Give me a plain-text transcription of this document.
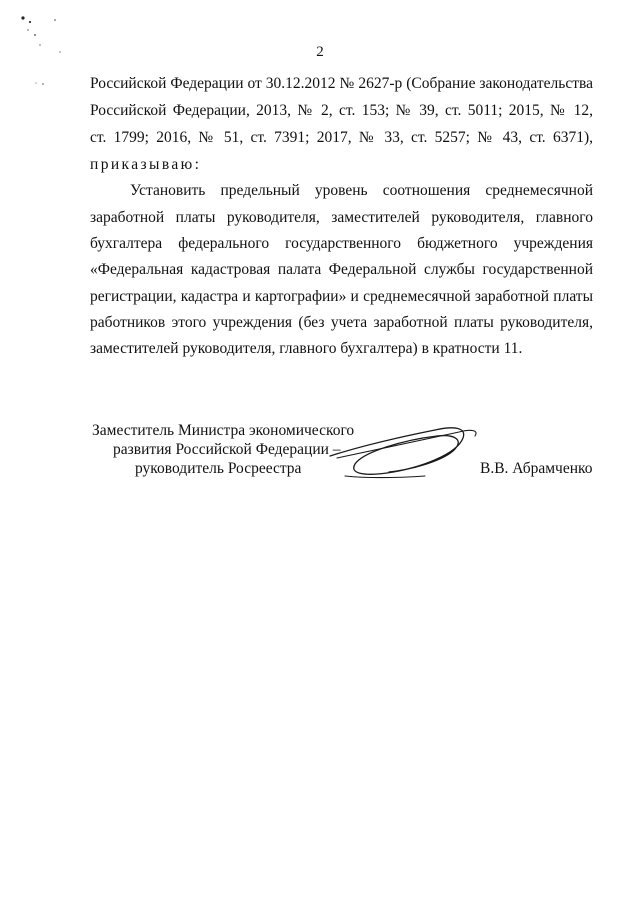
2
Российской Федерации от 30.12.2012 № 2627-р (Собрание законодательства
Российской Федерации, 2013, № 2, ст. 153; № 39, ст. 5011; 2015, № 12,
ст. 1799; 2016, № 51, ст. 7391; 2017, № 33, ст. 5257; № 43, ст. 6371),
приказываю:
Установить предельный уровень соотношения среднемесячной
заработной платы руководителя, заместителей руководителя, главного
бухгалтера федерального государственного бюджетного учреждения
«Федеральная кадастровая палата Федеральной службы государственной
регистрации, кадастра и картографии» и среднемесячной заработной платы
работников этого учреждения (без учета заработной платы руководителя,
заместителей руководителя, главного бухгалтера) в кратности 11.
Заместитель Министра экономического
развития Российской Федерации –
руководитель Росреестра	В.В. Абрамченко
